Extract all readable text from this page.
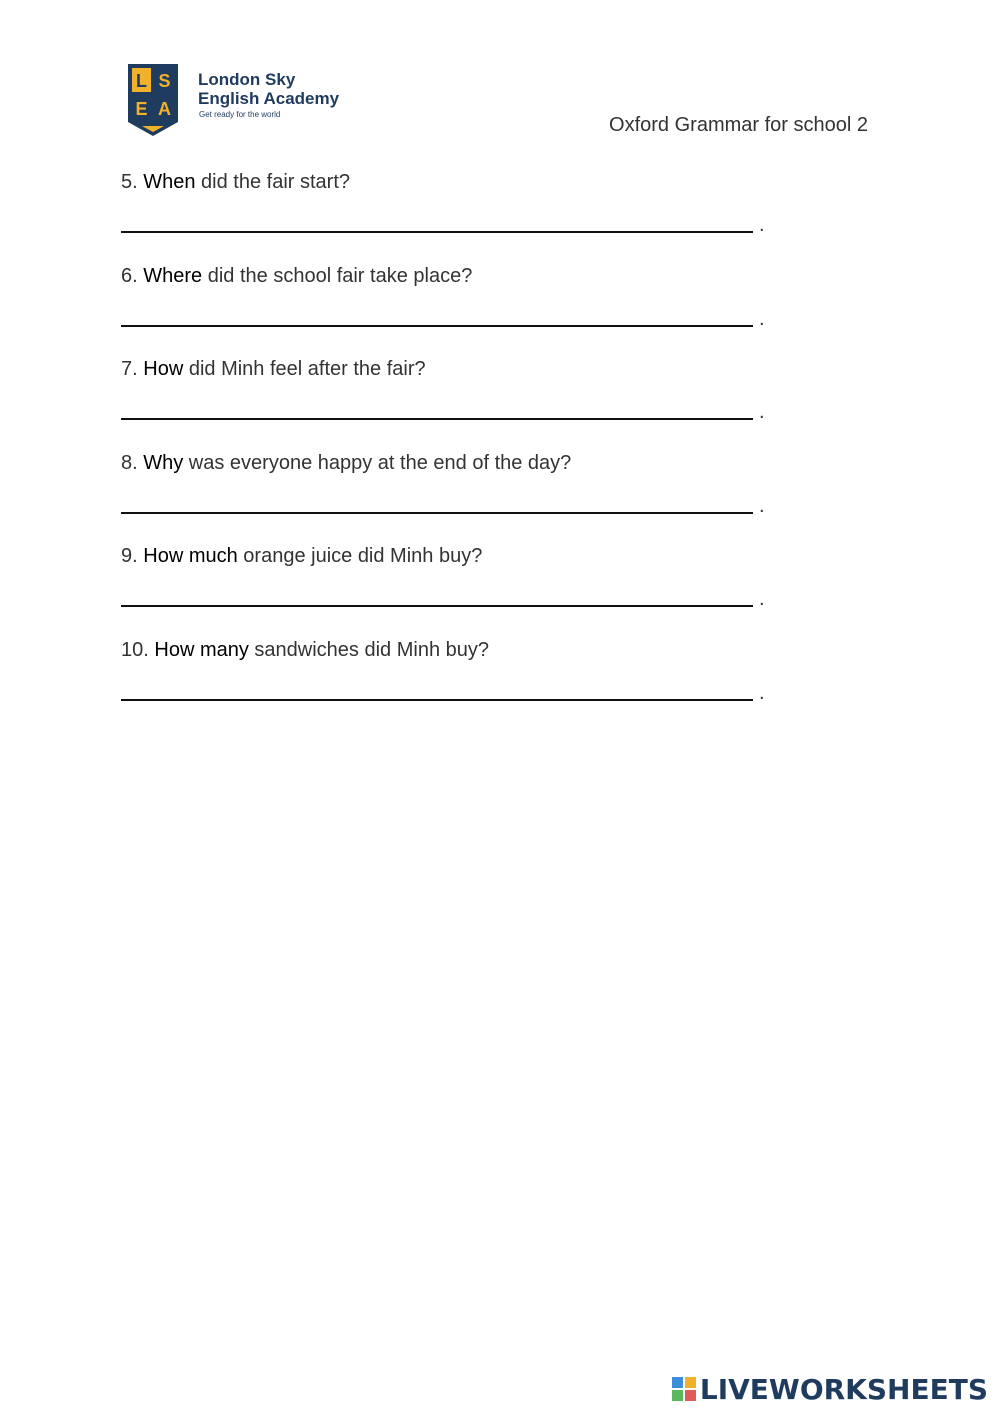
L S
E A
London Sky
English Academy
Get ready for the world	Oxford Grammar for school 2
5. When did the fair start?
.
6. Where did the school fair take place?
.
7. How did Minh feel after the fair?
.
8. Why was everyone happy at the end of the day?
.
9. How much orange juice did Minh buy?
.
10. How many sandwiches did Minh buy?
.
LIVEWORKSHEETS
